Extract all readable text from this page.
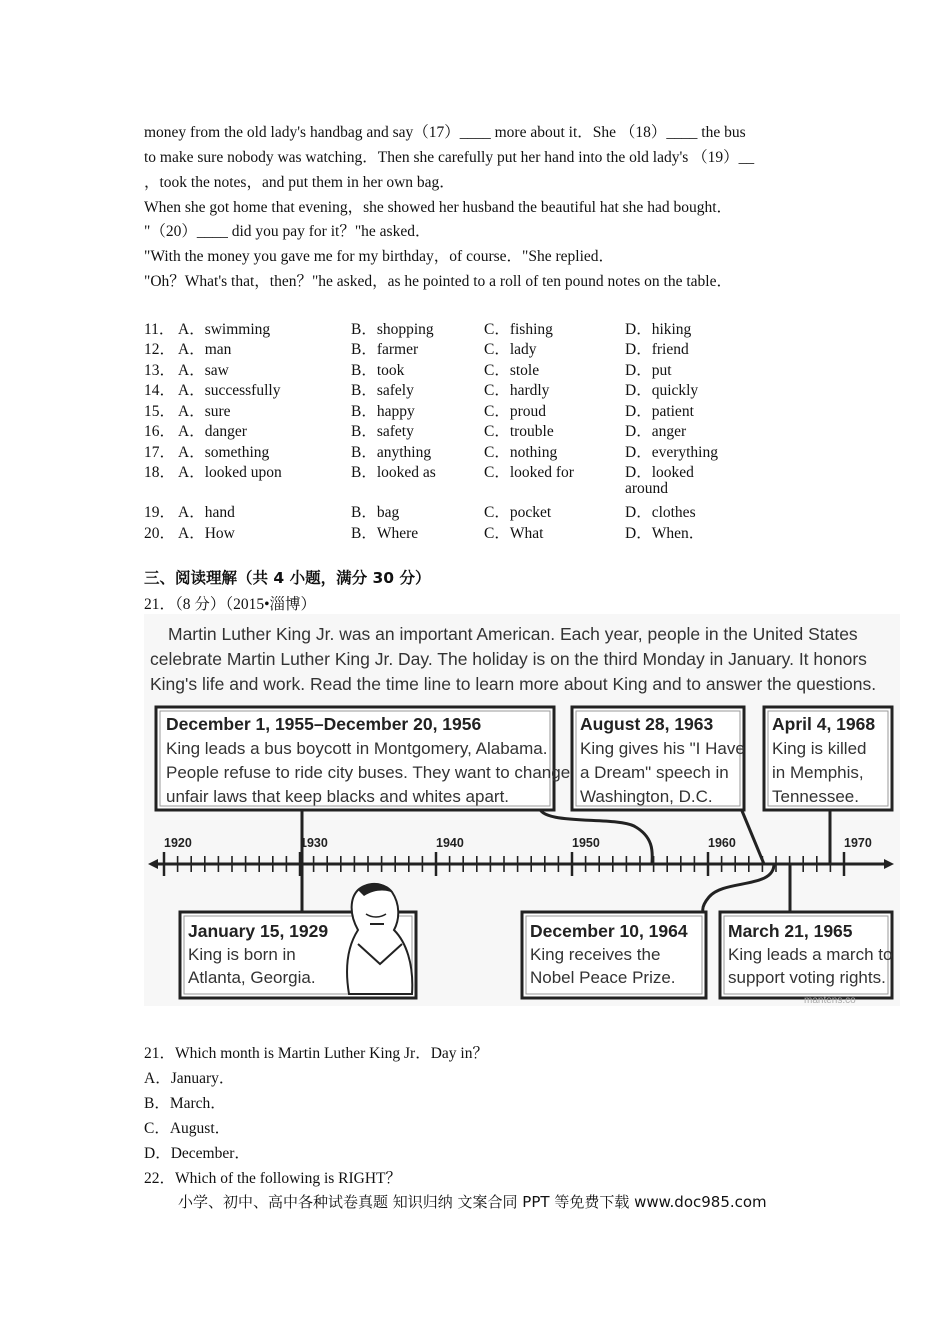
money from the old lady's handbag and say（17）____ more about it．She （18）____ the bus
to make sure nobody was watching．Then she carefully put her hand into the old lady's （19）__
，took the notes，and put them in her own bag．
When she got home that evening，she showed her husband the beautiful hat she had bought．
"（20）____ did you pay for it？"he asked．
"With the money you gave me for my birthday，of course．"She replied．
"Oh？What's that，then？"he asked，as he pointed to a roll of ten pound notes on the table．
11． A．swimming	B．shopping	C．fishing	D．hiking
12． A．man	B．farmer	C．lady	D．friend
13． A．saw	B．took	C．stole	D．put
14． A．successfully	B．safely	C．hardly	D．quickly
15． A．sure	B．happy	C．proud	D．patient
16． A．danger	B．safety	C．trouble	D．anger
17． A．something	B．anything	C．nothing	D．everything
18． A．looked upon	B．looked as	C．looked for	D．looked
around
19． A．hand	B．bag	C．pocket	D．clothes
20． A．How	B．Where	C．What	D．When．
三、阅读理解（共 4 小题，满分 30 分）
21．（8 分）（2015•淄博）
Martin Luther King Jr. was an important American. Each year, people in the United States
celebrate Martin Luther King Jr. Day. The holiday is on the third Monday in January. It honors
King's life and work. Read the time line to learn more about King and to answer the questions.
1920	1930	1940	1950	1960	1970
December 1, 1955–December 20, 1956
King leads a bus boycott in Montgomery, Alabama.
People refuse to ride city buses. They want to change
unfair laws that keep blacks and whites apart.
August 28, 1963
King gives his "I Have
a Dream" speech in
Washington, D.C.
April 4, 1968
King is killed
in Memphis,
Tennessee.
January 15, 1929
King is born in
Atlanta, Georgia.
December 10, 1964
King receives the
Nobel Peace Prize.
March 21, 1965
King leads a march to
support voting rights.
mantens.co
21．Which month is Martin Luther King Jr．Day in？
A．January．
B．March．
C．August．
D．December．
22．Which of the following is RIGHT？
小学、初中、高中各种试卷真题 知识归纳 文案合同 PPT 等免费下载 www.doc985.com
